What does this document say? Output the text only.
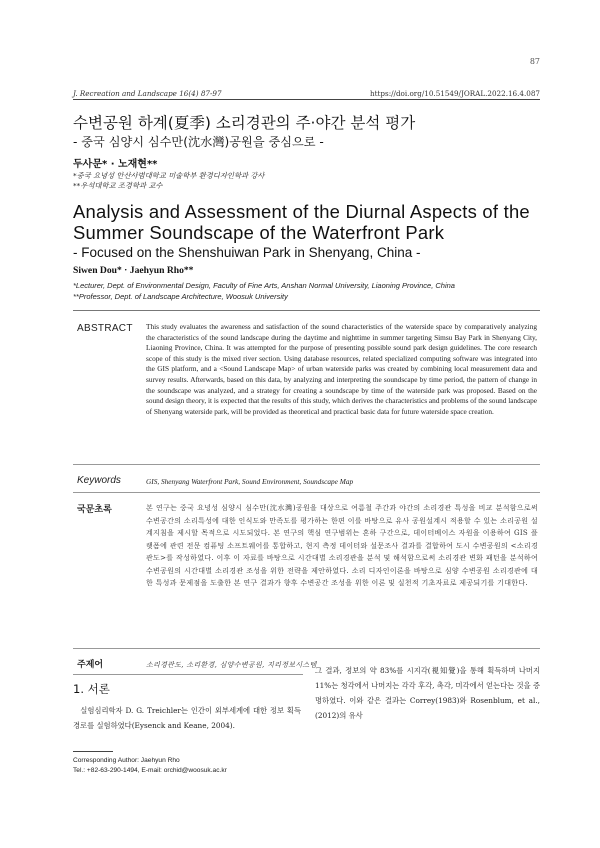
87
J. Recreation and Landscape 16(4) 87-97	https://doi.org/10.51549/JORAL.2022.16.4.087
수변공원 하계(夏季) 소리경관의 주·야간 분석 평가
- 중국 심양시 심수만(沈水灣)공원을 중심으로 -
두사문* · 노재현**
*중국 요녕성 안산사범대학교 미술학부 환경디자인학과 강사
**우석대학교 조경학과 교수
Analysis and Assessment of the Diurnal Aspects of the Summer Soundscape of the Waterfront Park
- Focused on the Shenshuiwan Park in Shenyang, China -
Siwen Dou* · Jaehyun Rho**
*Lecturer, Dept. of Environmental Design, Faculty of Fine Arts, Anshan Normal University, Liaoning Province, China
**Professor, Dept. of Landscape Architecture, Woosuk University
ABSTRACT This study evaluates the awareness and satisfaction of the sound characteristics of the waterside space by comparatively analyzing the characteristics of the sound landscape during the daytime and nighttime in summer targeting Simsu Bay Park in Shenyang City, Liaoning Province, China. It was attempted for the purpose of presenting possible sound park design guidelines. The core research scope of this study is the mixed river section. Using database resources, related specialized computing software was integrated into the GIS platform, and a <Sound Landscape Map> of urban waterside parks was created by combining local measurement data and survey results. Afterwards, based on this data, by analyzing and interpreting the soundscape by time period, the pattern of change in the soundscape was analyzed, and a strategy for creating a soundscape by time of the waterside park was proposed. Based on the sound design theory, it is expected that the results of this study, which derives the characteristics and problems of the sound landscape of Shenyang waterside park, will be provided as theoretical and practical basic data for future waterside space creation.
Keywords	GIS, Shenyang Waterfront Park, Sound Environment, Soundscape Map
국문초록	본 연구는 중국 요녕성 심양시 심수만(沈水灣)공원을 대상으로 여름철 주간과 야간의 소리경관 특성을 비교 분석함으로써 수변공간의 소리특성에 대한 인식도와 만족도를 평가하는 한편 이를 바탕으로 유사 공원설계시 적용할 수 있는 소리공원 설계지침을 제시할 목적으로 시도되었다. 본 연구의 핵심 연구범위는 혼하 구간으로, 데이터베이스 자원을 이용하여 GIS 플랫폼에 관련 전문 컴퓨팅 소프트웨어를 통합하고, 현지 측정 데이터와 설문조사 결과를 결합하여 도시 수변공원의 <소리경관도>를 작성하였다. 이후 이 자료를 바탕으로 시간대별 소리경관을 분석 및 해석함으로써 소리경관 변화 패턴을 분석하여 수변공원의 시간대별 소리경관 조성을 위한 전략을 제안하였다. 소리 디자인이론을 바탕으로 심양 수변공원 소리경관에 대한 특성과 문제점을 도출한 본 연구 결과가 향후 수변공간 조성을 위한 이론 및 실천적 기초자료로 제공되기를 기대한다.
주제어	소리경관도, 소리환경, 심양수변공원, 지리정보시스템
1. 서론
실험심리학자 D. G. Treichler는 인간이 외부세계에 대한 정보 획득경로를 실험하였다(Eysenck and Keane, 2004).
그 결과, 정보의 약 83%를 시지각(視知覺)을 통해 획득하며 나머지 11%는 청각에서 나머지는 각각 후각, 촉각, 미각에서 얻는다는 것을 증명하였다. 이와 같은 결과는 Correy(1983)와 Rosenblum, et al.,(2012)의 유사
Corresponding Author: Jaehyun Rho
Tel.: +82-63-290-1494, E-mail: orchid@woosuk.ac.kr
